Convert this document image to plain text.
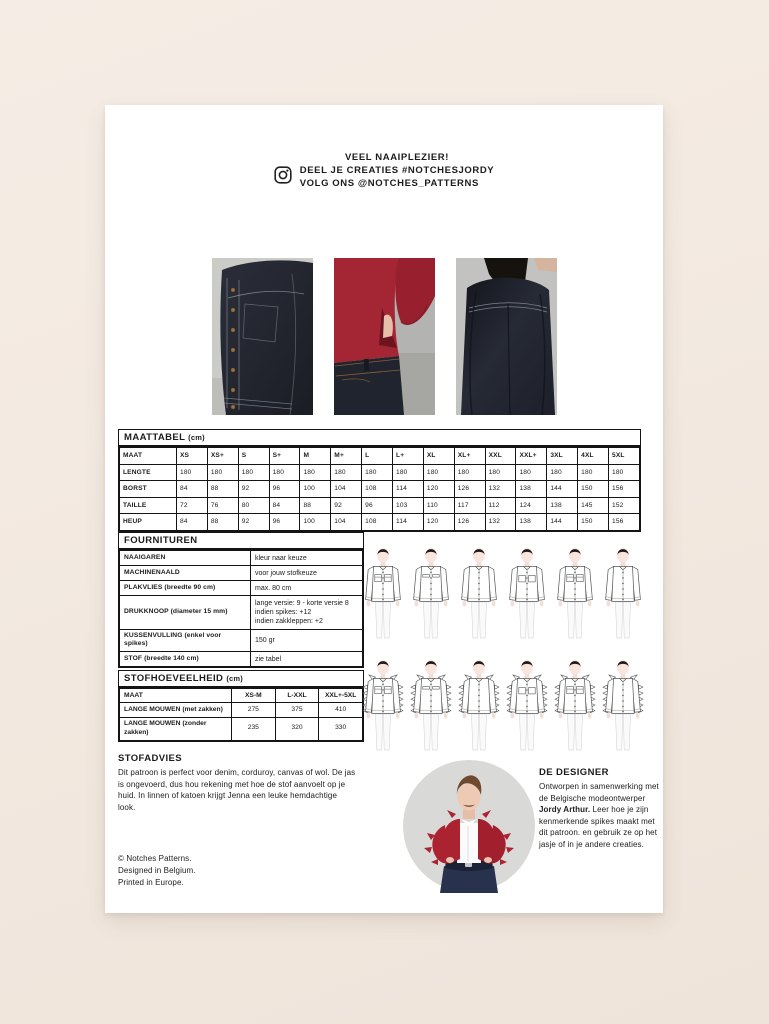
VEEL NAAIPLEZIER!
DEEL JE CREATIES #NOTCHESJORDY
VOLG ONS @NOTCHES_PATTERNS
MAATTABEL (cm)
MAAT	XS	XS+	S	S+	M	M+	L	L+	XL	XL+	XXL	XXL+	3XL	4XL	5XL
LENGTE	180	180	180	180	180	180	180	180	180	180	180	180	180	180	180
BORST	84	88	92	96	100	104	108	114	120	126	132	138	144	150	156
TAILLE	72	76	80	84	88	92	96	103	110	117	112	124	138	145	152
HEUP	84	88	92	96	100	104	108	114	120	126	132	138	144	150	156
FOURNITUREN
NAAIGAREN	kleur naar keuze
MACHINENAALD	voor jouw stofkeuze
PLAKVLIES (breedte 90 cm)	max. 80 cm
DRUKKNOOP (diameter 15 mm)	lange versie: 9 - korte versie 8
indien spikes: +12
indien zakkleppen: +2

KUSSENVULLING (enkel voor spikes)	150 gr
STOF (breedte 140 cm)	zie tabel
STOFHOEVEELHEID (cm)
MAAT	XS-M	L-XXL	XXL+-5XL
LANGE MOUWEN (met zakken)	275	375	410
LANGE MOUWEN (zonder zakken)	235	320	330
STOFADVIES

Dit patroon is perfect voor denim, corduroy, canvas of wol. De jas is ongevoerd, dus hou rekening met hoe de stof aanvoelt op je huid. In linnen of katoen krijgt Jenna een leuke hemdachtige look.

DE DESIGNER

Ontworpen in samenwerking met de Belgische modeontwerper Jordy Arthur. Leer hoe je zijn kenmerkende spikes maakt met dit patroon. en gebruik ze op het jasje of in je andere creaties.

© Notches Patterns.
Designed in Belgium.
Printed in Europe.
